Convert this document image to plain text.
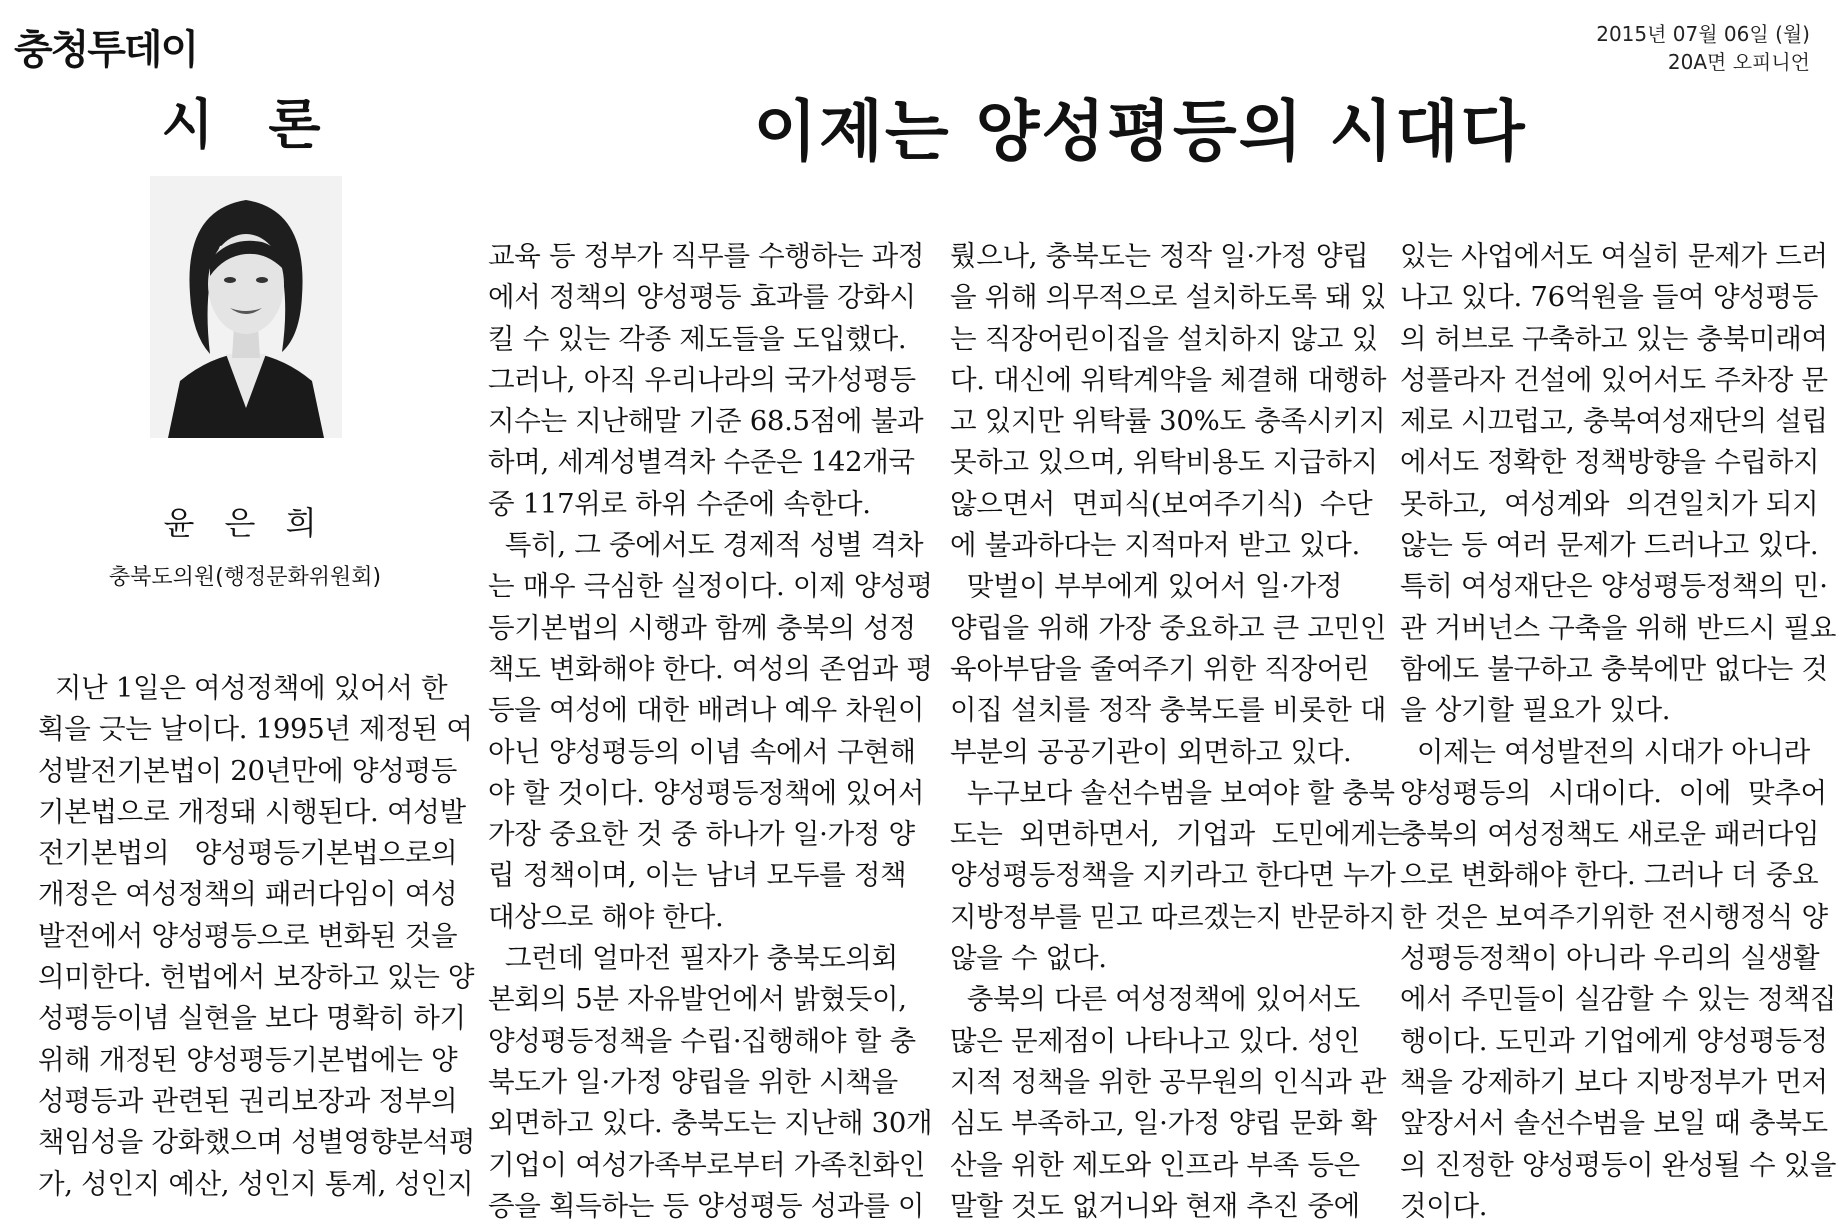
충청투데이	2015년 07월 06일 (월)
20A면 오피니언
시 론	이제는 양성평등의 시대다
윤 은 희
충북도의원(행정문화위원회)

지난 1일은 여성정책에 있어서 한

획을 긋는 날이다. 1995년 제정된 여

성발전기본법이 20년만에 양성평등

기본법으로 개정돼 시행된다. 여성발

전기본법의   양성평등기본법으로의

개정은 여성정책의 패러다임이 여성

발전에서 양성평등으로 변화된 것을

의미한다. 헌법에서 보장하고 있는 양

성평등이념 실현을 보다 명확히 하기

위해 개정된 양성평등기본법에는 양

성평등과 관련된 권리보장과 정부의

책임성을 강화했으며 성별영향분석평

가, 성인지 예산, 성인지 통계, 성인지

교육 등 정부가 직무를 수행하는 과정

에서 정책의 양성평등 효과를 강화시

킬 수 있는 각종 제도들을 도입했다.

그러나, 아직 우리나라의 국가성평등

지수는 지난해말 기준 68.5점에 불과

하며, 세계성별격차 수준은 142개국

중 117위로 하위 수준에 속한다.

특히, 그 중에서도 경제적 성별 격차

는 매우 극심한 실정이다. 이제 양성평

등기본법의 시행과 함께 충북의 성정

책도 변화해야 한다. 여성의 존엄과 평

등을 여성에 대한 배려나 예우 차원이

아닌 양성평등의 이념 속에서 구현해

야 할 것이다. 양성평등정책에 있어서

가장 중요한 것 중 하나가 일·가정 양

립 정책이며, 이는 남녀 모두를 정책

대상으로 해야 한다.

그런데 얼마전 필자가 충북도의회

본회의 5분 자유발언에서 밝혔듯이,

양성평등정책을 수립·집행해야 할 충

북도가 일·가정 양립을 위한 시책을

외면하고 있다. 충북도는 지난해 30개

기업이 여성가족부로부터 가족친화인

증을 획득하는 등 양성평등 성과를 이

뤘으나, 충북도는 정작 일·가정 양립

을 위해 의무적으로 설치하도록 돼 있

는 직장어린이집을 설치하지 않고 있

다. 대신에 위탁계약을 체결해 대행하

고 있지만 위탁률 30%도 충족시키지

못하고 있으며, 위탁비용도 지급하지

않으면서  면피식(보여주기식)  수단

에 불과하다는 지적마저 받고 있다.

맞벌이 부부에게 있어서 일·가정

양립을 위해 가장 중요하고 큰 고민인

육아부담을 줄여주기 위한 직장어린

이집 설치를 정작 충북도를 비롯한 대

부분의 공공기관이 외면하고 있다.

누구보다 솔선수범을 보여야 할 충북

도는  외면하면서,  기업과  도민에게는

양성평등정책을 지키라고 한다면 누가

지방정부를 믿고 따르겠는지 반문하지

않을 수 없다.

충북의 다른 여성정책에 있어서도

많은 문제점이 나타나고 있다. 성인

지적 정책을 위한 공무원의 인식과 관

심도 부족하고, 일·가정 양립 문화 확

산을 위한 제도와 인프라 부족 등은

말할 것도 없거니와 현재 추진 중에

있는 사업에서도 여실히 문제가 드러

나고 있다. 76억원을 들여 양성평등

의 허브로 구축하고 있는 충북미래여

성플라자 건설에 있어서도 주차장 문

제로 시끄럽고, 충북여성재단의 설립

에서도 정확한 정책방향을 수립하지

못하고,  여성계와  의견일치가 되지

않는 등 여러 문제가 드러나고 있다.

특히 여성재단은 양성평등정책의 민·

관 거버넌스 구축을 위해 반드시 필요

함에도 불구하고 충북에만 없다는 것

을 상기할 필요가 있다.

이제는 여성발전의 시대가 아니라

양성평등의  시대이다.  이에  맞추어

충북의 여성정책도 새로운 패러다임

으로 변화해야 한다. 그러나 더 중요

한 것은 보여주기위한 전시행정식 양

성평등정책이 아니라 우리의 실생활

에서 주민들이 실감할 수 있는 정책집

행이다. 도민과 기업에게 양성평등정

책을 강제하기 보다 지방정부가 먼저

앞장서서 솔선수범을 보일 때 충북도

의 진정한 양성평등이 완성될 수 있을

것이다.
